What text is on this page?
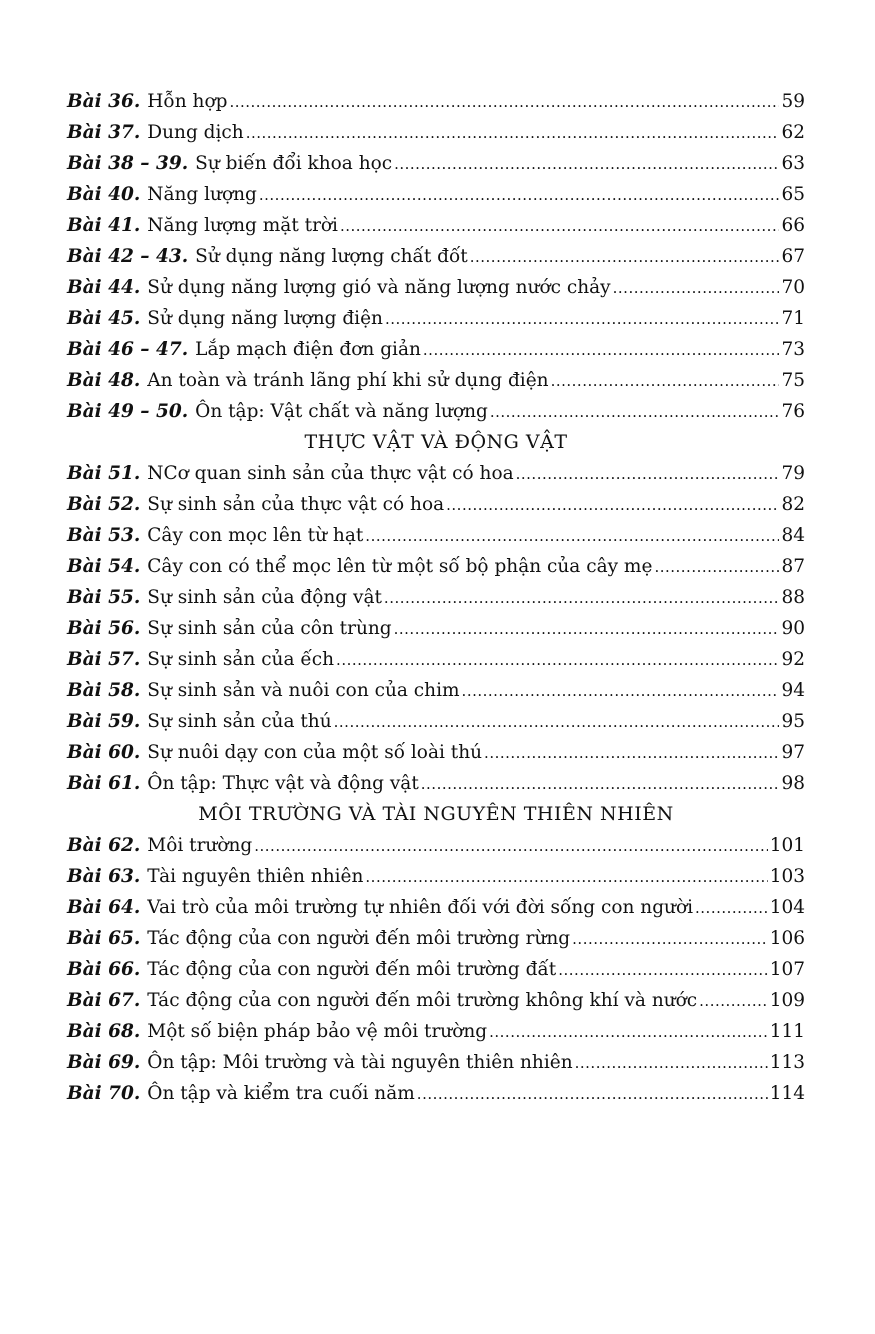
Bài 36. Hỗn hợp .....	59
Bài 37. Dung dịch .....	62
Bài 38 – 39. Sự biến đổi khoa học .....	63
Bài 40. Năng lượng .....	65
Bài 41. Năng lượng mặt trời .....	66
Bài 42 – 43. Sử dụng năng lượng chất đốt .....	67
Bài 44. Sử dụng năng lượng gió và năng lượng nước chảy .....	70
Bài 45. Sử dụng năng lượng điện .....	71
Bài 46 – 47. Lắp mạch điện đơn giản .....	73
Bài 48. An toàn và tránh lãng phí khi sử dụng điện .....	75
Bài 49 – 50. Ôn tập: Vật chất và năng lượng .....	76
THỰC VẬT VÀ ĐỘNG VẬT
Bài 51. NCơ quan sinh sản của thực vật có hoa .....	79
Bài 52. Sự sinh sản của thực vật có hoa .....	82
Bài 53. Cây con mọc lên từ hạt .....	84
Bài 54. Cây con có thể mọc lên từ một số bộ phận của cây mẹ .....	87
Bài 55. Sự sinh sản của động vật .....	88
Bài 56. Sự sinh sản của côn trùng .....	90
Bài 57. Sự sinh sản của ếch .....	92
Bài 58. Sự sinh sản và nuôi con của chim .....	94
Bài 59. Sự sinh sản của thú .....	95
Bài 60. Sự nuôi dạy con của một số loài thú .....	97
Bài 61. Ôn tập: Thực vật và động vật .....	98
MÔI TRƯỜNG VÀ TÀI NGUYÊN THIÊN NHIÊN
Bài 62. Môi trường .....	101
Bài 63. Tài nguyên thiên nhiên .....	103
Bài 64. Vai trò của môi trường tự nhiên đối với đời sống con người .....	104
Bài 65. Tác động của con người đến môi trường rừng .....	106
Bài 66. Tác động của con người đến môi trường đất .....	107
Bài 67. Tác động của con người đến môi trường không khí và nước .....	109
Bài 68. Một số biện pháp bảo vệ môi trường .....	111
Bài 69. Ôn tập: Môi trường và tài nguyên thiên nhiên .....	113
Bài 70. Ôn tập và kiểm tra cuối năm .....	114
